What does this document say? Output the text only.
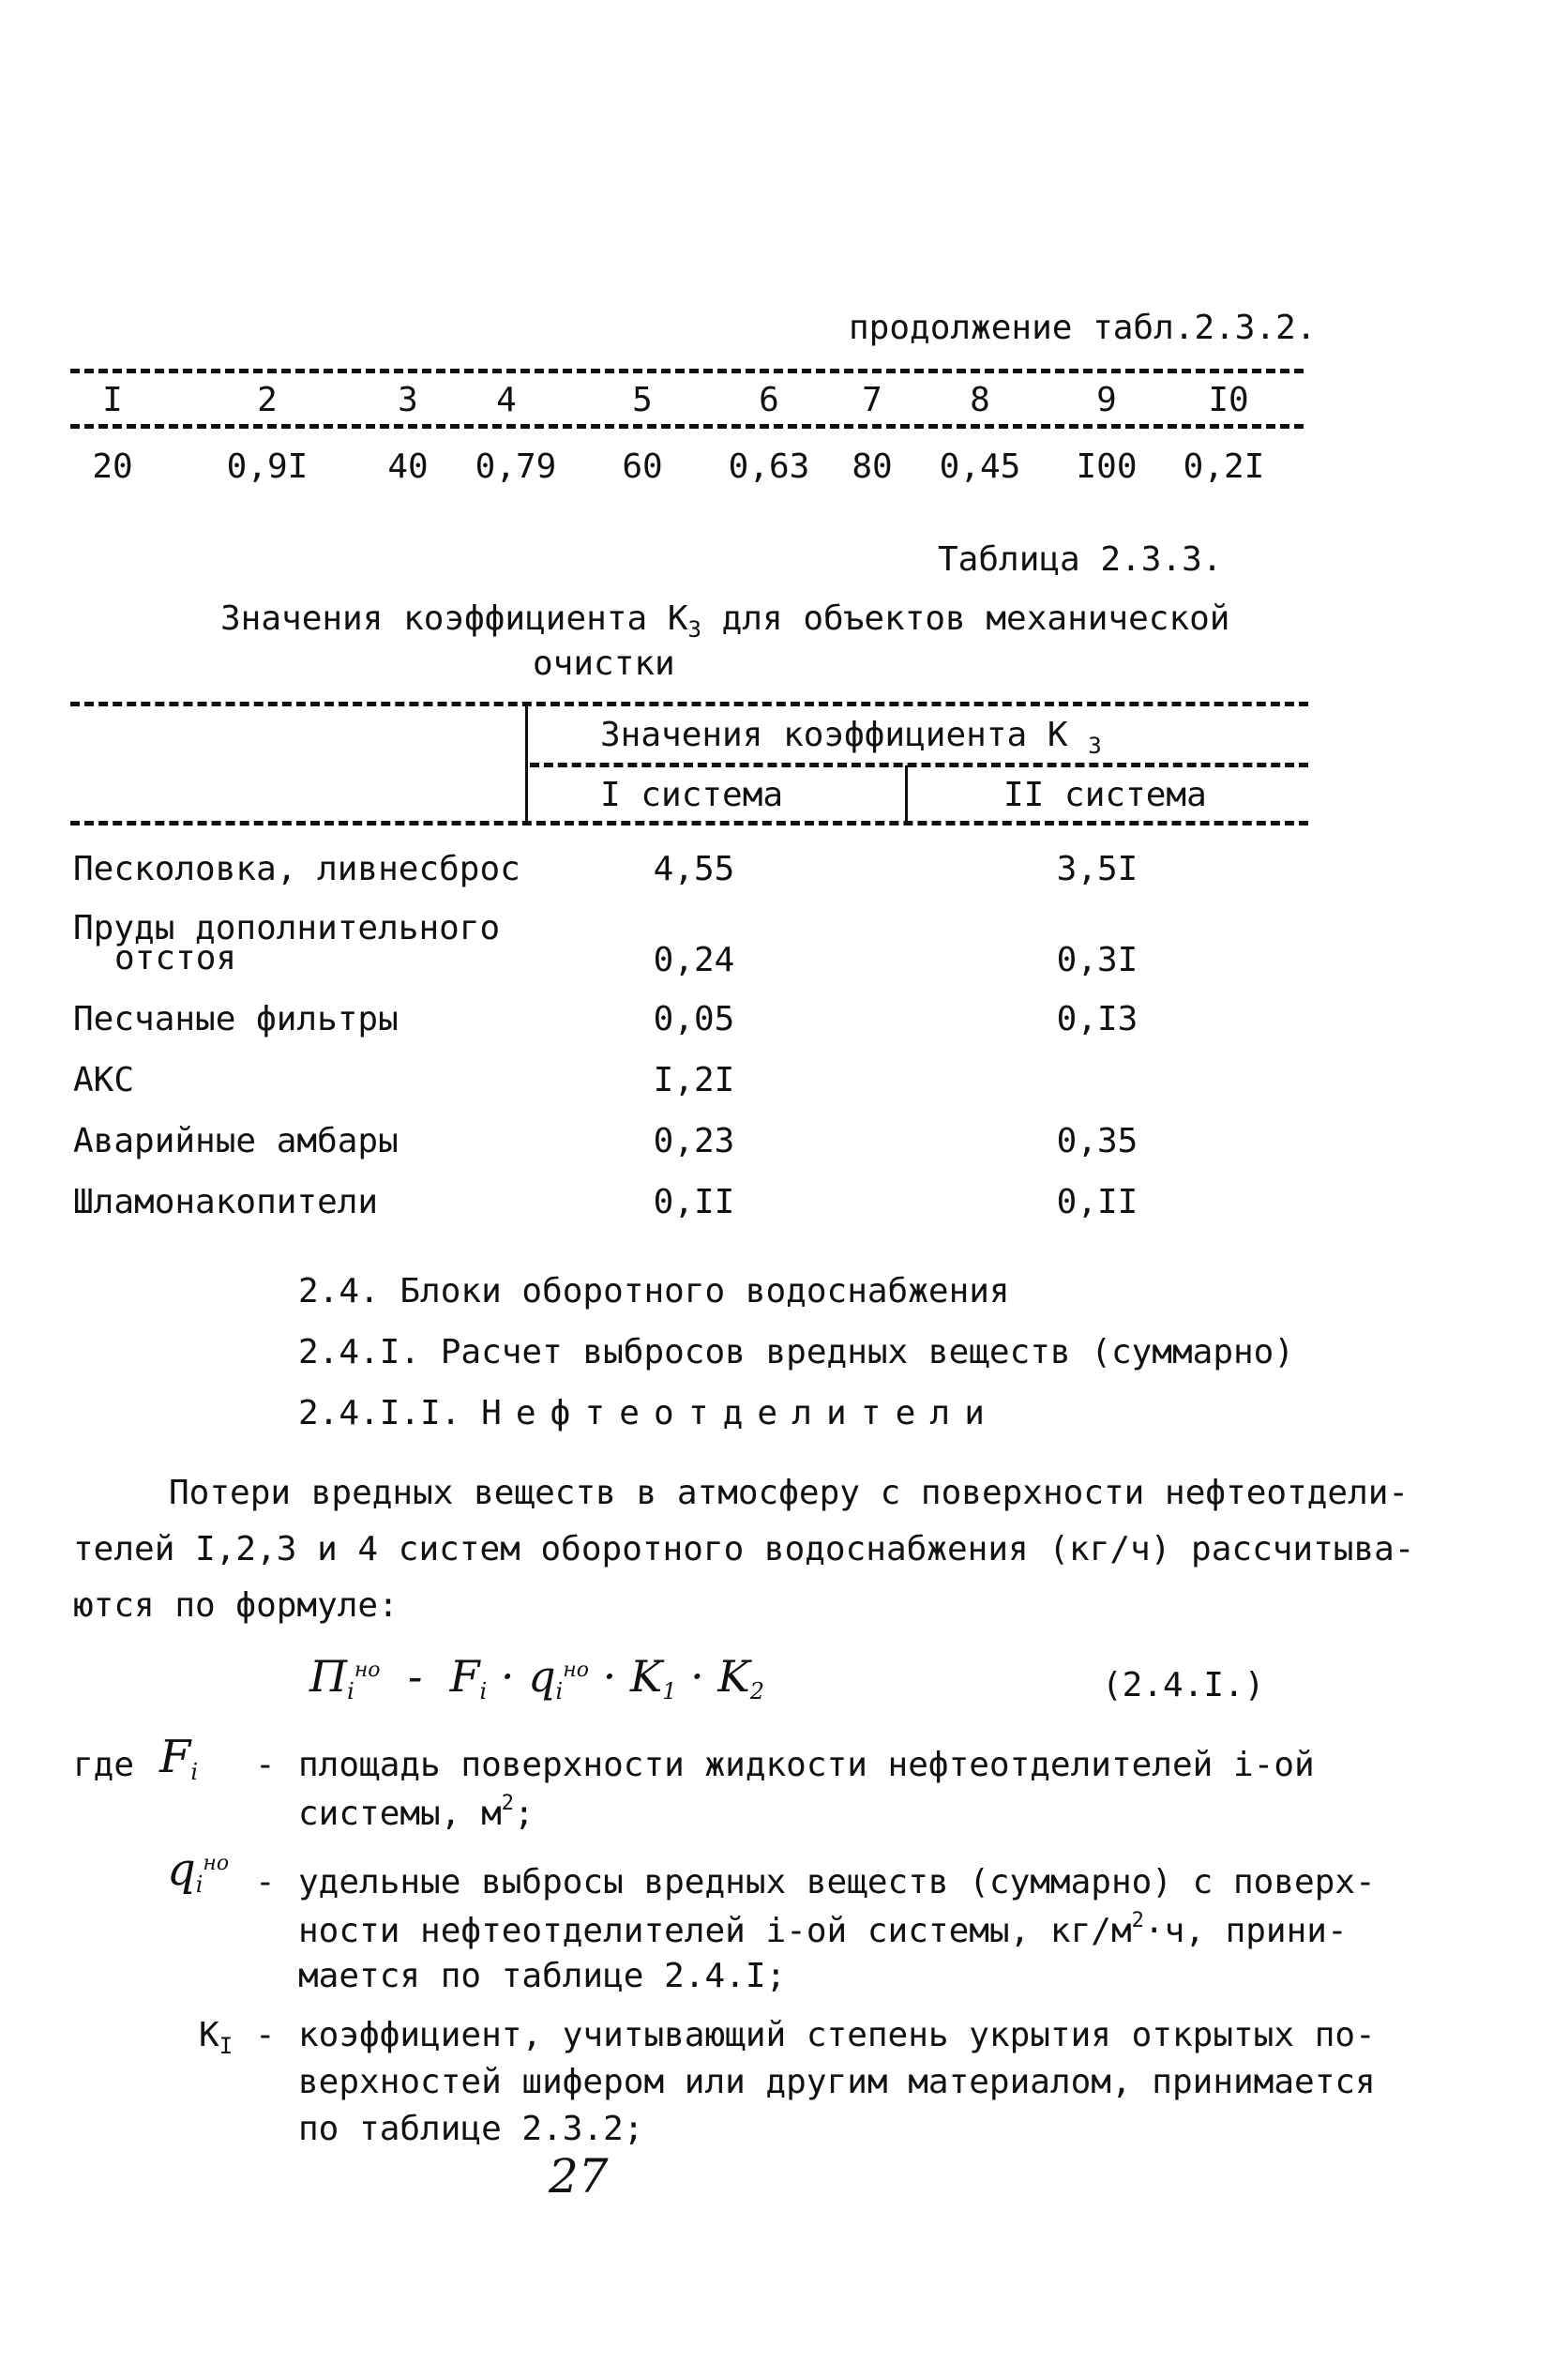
продолжение табл.2.3.2.
I	2	3	4	5	6	7	8	9	I0
20	0,9I	40	0,79	60	0,63	80	0,45	I00	0,2I
Таблица 2.3.3.
Значения коэффициента $К_3$ для объектов механической
очистки
Значения коэффициента К $_3$
I система	II система
Песколовка, ливнесброс	4,55	3,5I
Пруды дополнительного
отстоя	0,24	0,3I
Песчаные фильтры	0,05	0,I3
АКС	I,2I
Аварийные амбары	0,23	0,35
Шламонакопители	0,II	0,II
2.4. Блоки оборотного водоснабжения
2.4.I. Расчет выбросов вредных веществ (суммарно)
2.4.I.I. Нефтеотделители
Потери вредных веществ в атмосферу с поверхности нефтеотдели-
телей I,2,3 и 4 систем оборотного водоснабжения (кг/ч) рассчитыва-
ются по формуле:
$П_i^{но} - F_i \cdot q_i^{но} \cdot K_1 \cdot K_2$	(2.4.I.)
где $F_i$ - площадь поверхности жидкости нефтеотделителей i-ой
системы, $м^2$;
$q_i^{но}$ - удельные выбросы вредных веществ (суммарно) с поверх-
ности нефтеотделителей i-ой системы, $кг/м^2\cdot ч$, прини-
мается по таблице 2.4.I;
$К_I$ - коэффициент, учитывающий степень укрытия открытых по-
верхностей шифером или другим материалом, принимается
по таблице 2.3.2;
27
